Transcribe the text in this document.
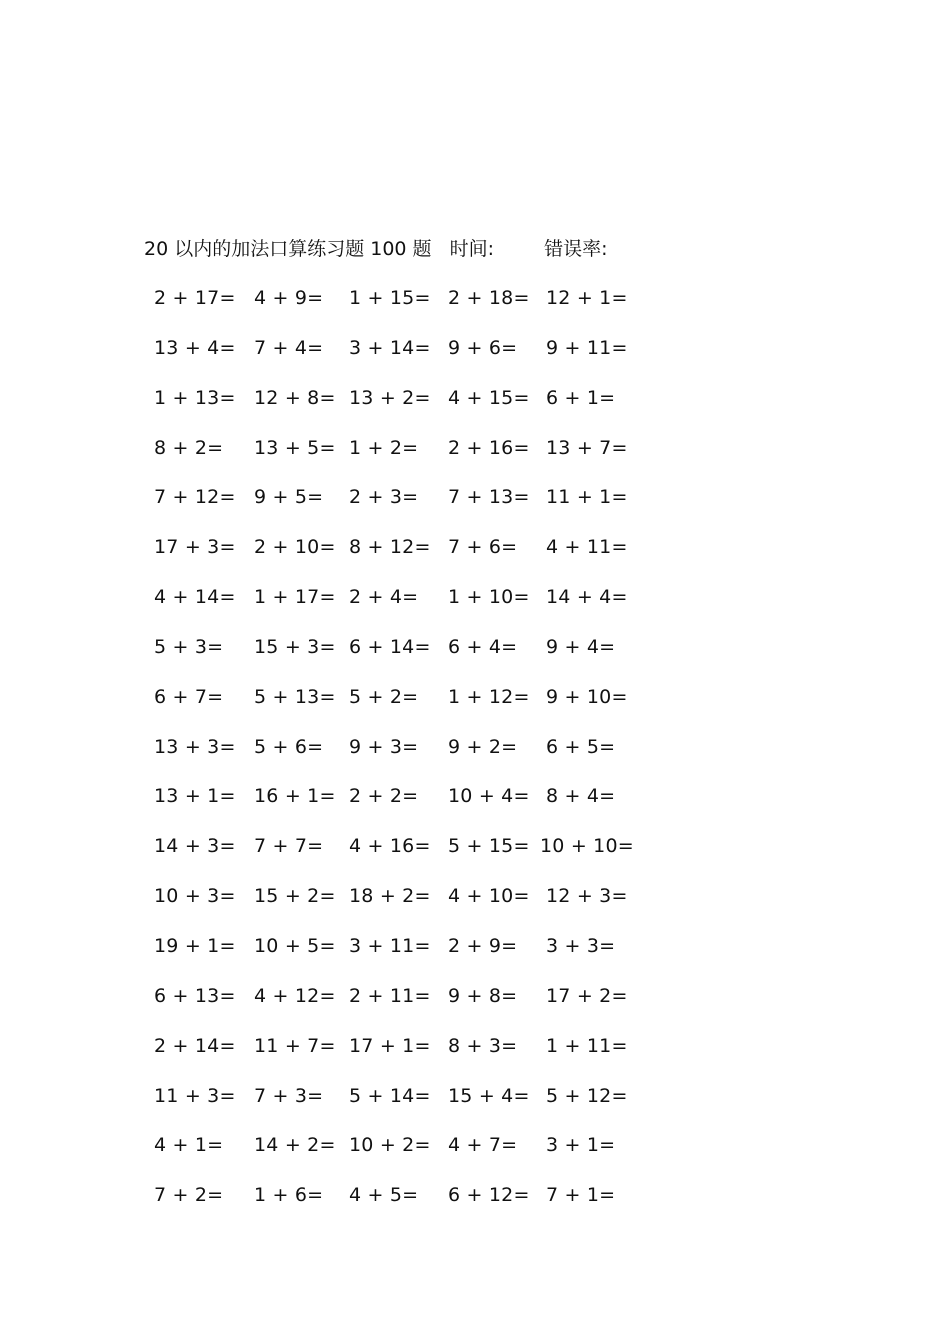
20 以内的加法口算练习题 100 题 时间:	错误率:
2 + 17= 4 + 9= 1 + 15= 2 + 18= 12 + 1=
13 + 4= 7 + 4= 3 + 14= 9 + 6= 9 + 11=
1 + 13= 12 + 8= 13 + 2= 4 + 15= 6 + 1=
8 + 2= 13 + 5= 1 + 2= 2 + 16= 13 + 7=
7 + 12= 9 + 5= 2 + 3= 7 + 13= 11 + 1=
17 + 3= 2 + 10= 8 + 12= 7 + 6= 4 + 11=
4 + 14= 1 + 17= 2 + 4= 1 + 10= 14 + 4=
5 + 3= 15 + 3= 6 + 14= 6 + 4= 9 + 4=
6 + 7= 5 + 13= 5 + 2= 1 + 12= 9 + 10=
13 + 3= 5 + 6= 9 + 3= 9 + 2= 6 + 5=
13 + 1= 16 + 1= 2 + 2= 10 + 4= 8 + 4=
14 + 3= 7 + 7= 4 + 16= 5 + 15= 10 + 10=
10 + 3= 15 + 2= 18 + 2= 4 + 10= 12 + 3=
19 + 1= 10 + 5= 3 + 11= 2 + 9= 3 + 3=
6 + 13= 4 + 12= 2 + 11= 9 + 8= 17 + 2=
2 + 14= 11 + 7= 17 + 1= 8 + 3= 1 + 11=
11 + 3= 7 + 3= 5 + 14= 15 + 4= 5 + 12=
4 + 1= 14 + 2= 10 + 2= 4 + 7= 3 + 1=
7 + 2= 1 + 6= 4 + 5= 6 + 12= 7 + 1=
